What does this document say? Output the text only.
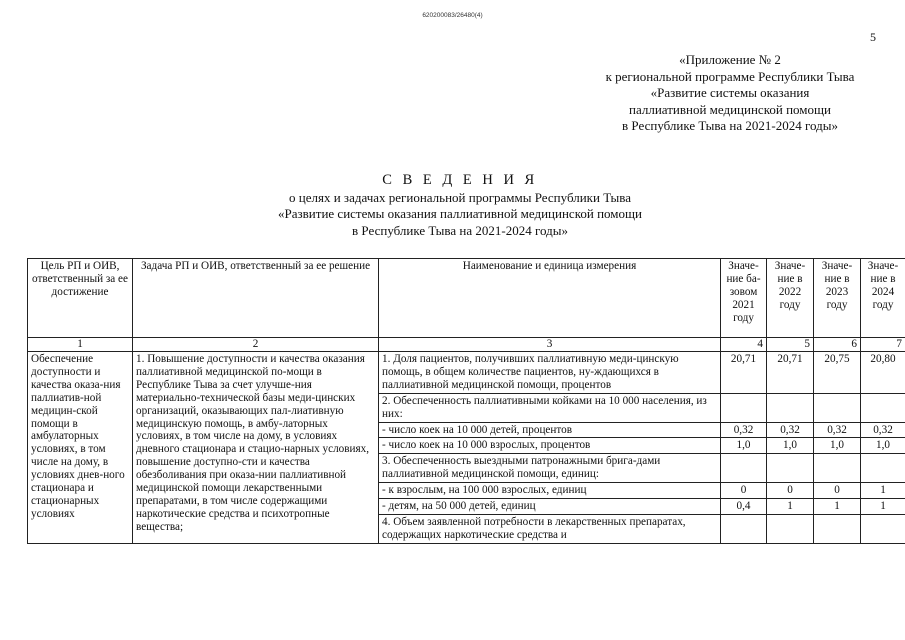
620200083/26480(4)
5
«Приложение № 2
к региональной программе Республики Тыва
«Развитие системы оказания
паллиативной медицинской помощи
в Республике Тыва на 2021-2024 годы»
С В Е Д Е Н И Я
о целях и задачах региональной программы Республики Тыва
«Развитие системы оказания паллиативной медицинской помощи
в Республике Тыва на 2021-2024 годы»
Цель РП и ОИВ, ответственный за ее достижение	Задача РП и ОИВ, ответственный за ее решение	Наименование и единица измерения	Значе-ние ба-зовом 2021 году	Значе-ние в 2022 году	Значе-ние в 2023 году	Значе-ние в 2024 году
1	2	3	4	5	6	7
Обеспечение доступности и качества оказа-ния паллиатив-ной медицин-ской помощи в амбулаторных условиях, в том числе на дому, в условиях днев-ного стационара и стационарных условиях	1. Повышение доступности и качества оказания паллиативной медицинской по-мощи в Республике Тыва за счет улучше-ния материально-технической базы меди-цинских организаций, оказывающих пал-лиативную медицинскую помощь, в амбу-латорных условиях, в том числе на дому, в условиях дневного стационара и стацио-нарных условиях, повышение доступно-сти и качества обезболивания при оказа-нии паллиативной медицинской помощи лекарственными препаратами, в том числе содержащими наркотические средства и психотропные вещества;	1. Доля пациентов, получивших паллиативную меди-цинскую помощь, в общем количестве пациентов, ну-ждающихся в паллиативной медицинской помощи, процентов	20,71	20,71	20,75	20,80
		2. Обеспеченность паллиативными койками на 10 000 населения, из них:				
		- число коек на 10 000 детей, процентов	0,32	0,32	0,32	0,32
		- число коек на 10 000 взрослых, процентов	1,0	1,0	1,0	1,0
		3. Обеспеченность выездными патронажными брига-дами паллиативной медицинской помощи, единиц:				
		- к взрослым, на 100 000 взрослых, единиц	0	0	0	1
		- детям, на 50 000 детей, единиц	0,4	1	1	1
		4. Объем заявленной потребности в лекарственных препаратах, содержащих наркотические средства и				
